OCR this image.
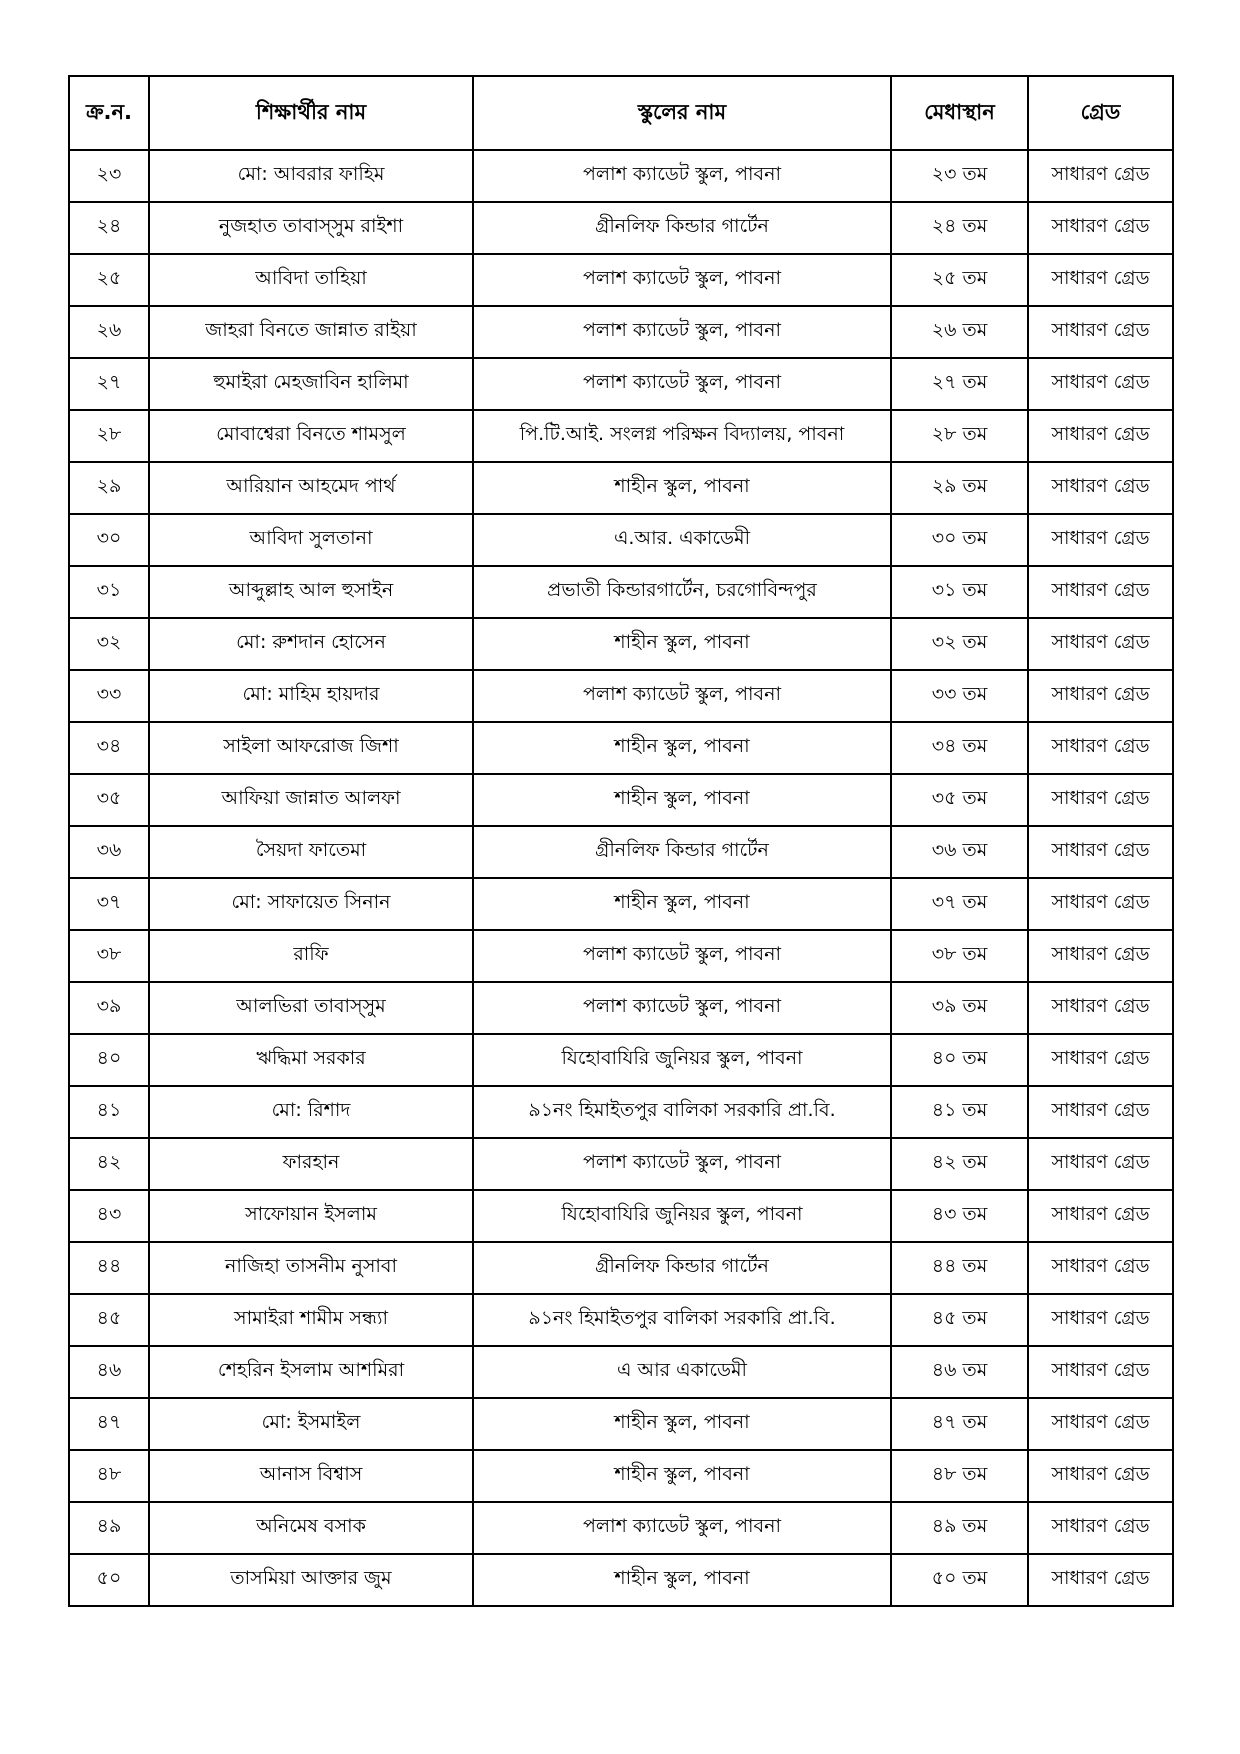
ক্র.ন.	শিক্ষার্থীর নাম	স্কুলের নাম	মেধাস্থান	গ্রেড
২৩	মো: আবরার ফাহিম	পলাশ ক্যাডেট স্কুল, পাবনা	২৩ তম	সাধারণ গ্রেড
২৪	নুজহাত তাবাস্‌সুম রাইশা	গ্রীনলিফ কিন্ডার গার্টেন	২৪ তম	সাধারণ গ্রেড
২৫	আবিদা তাহিয়া	পলাশ ক্যাডেট স্কুল, পাবনা	২৫ তম	সাধারণ গ্রেড
২৬	জাহরা বিনতে জান্নাত রাইয়া	পলাশ ক্যাডেট স্কুল, পাবনা	২৬ তম	সাধারণ গ্রেড
২৭	হুমাইরা মেহজাবিন হালিমা	পলাশ ক্যাডেট স্কুল, পাবনা	২৭ তম	সাধারণ গ্রেড
২৮	মোবাশ্বেরা বিনতে শামসুল	পি.টি.আই. সংলগ্ন পরিক্ষন বিদ্যালয়, পাবনা	২৮ তম	সাধারণ গ্রেড
২৯	আরিয়ান আহমেদ পার্থ	শাহীন স্কুল, পাবনা	২৯ তম	সাধারণ গ্রেড
৩০	আবিদা সুলতানা	এ.আর. একাডেমী	৩০ তম	সাধারণ গ্রেড
৩১	আব্দুল্লাহ আল হুসাইন	প্রভাতী কিন্ডারগার্টেন, চরগোবিন্দপুর	৩১ তম	সাধারণ গ্রেড
৩২	মো: রুশদান হোসেন	শাহীন স্কুল, পাবনা	৩২ তম	সাধারণ গ্রেড
৩৩	মো: মাহিম হায়দার	পলাশ ক্যাডেট স্কুল, পাবনা	৩৩ তম	সাধারণ গ্রেড
৩৪	সাইলা আফরোজ জিশা	শাহীন স্কুল, পাবনা	৩৪ তম	সাধারণ গ্রেড
৩৫	আফিয়া জান্নাত আলফা	শাহীন স্কুল, পাবনা	৩৫ তম	সাধারণ গ্রেড
৩৬	সৈয়দা ফাতেমা	গ্রীনলিফ কিন্ডার গার্টেন	৩৬ তম	সাধারণ গ্রেড
৩৭	মো: সাফায়েত সিনান	শাহীন স্কুল, পাবনা	৩৭ তম	সাধারণ গ্রেড
৩৮	রাফি	পলাশ ক্যাডেট স্কুল, পাবনা	৩৮ তম	সাধারণ গ্রেড
৩৯	আলভিরা তাবাস্‌সুম	পলাশ ক্যাডেট স্কুল, পাবনা	৩৯ তম	সাধারণ গ্রেড
৪০	ঋদ্ধিমা সরকার	যিহোবাযিরি জুনিয়র স্কুল, পাবনা	৪০ তম	সাধারণ গ্রেড
৪১	মো: রিশাদ	৯১নং হিমাইতপুর বালিকা সরকারি প্রা.বি.	৪১ তম	সাধারণ গ্রেড
৪২	ফারহান	পলাশ ক্যাডেট স্কুল, পাবনা	৪২ তম	সাধারণ গ্রেড
৪৩	সাফোয়ান ইসলাম	যিহোবাযিরি জুনিয়র স্কুল, পাবনা	৪৩ তম	সাধারণ গ্রেড
৪৪	নাজিহা তাসনীম নুসাবা	গ্রীনলিফ কিন্ডার গার্টেন	৪৪ তম	সাধারণ গ্রেড
৪৫	সামাইরা শামীম সন্ধ্যা	৯১নং হিমাইতপুর বালিকা সরকারি প্রা.বি.	৪৫ তম	সাধারণ গ্রেড
৪৬	শেহরিন ইসলাম আশমিরা	এ আর একাডেমী	৪৬ তম	সাধারণ গ্রেড
৪৭	মো: ইসমাইল	শাহীন স্কুল, পাবনা	৪৭ তম	সাধারণ গ্রেড
৪৮	আনাস বিশ্বাস	শাহীন স্কুল, পাবনা	৪৮ তম	সাধারণ গ্রেড
৪৯	অনিমেষ বসাক	পলাশ ক্যাডেট স্কুল, পাবনা	৪৯ তম	সাধারণ গ্রেড
৫০	তাসমিয়া আক্তার জুম	শাহীন স্কুল, পাবনা	৫০ তম	সাধারণ গ্রেড
